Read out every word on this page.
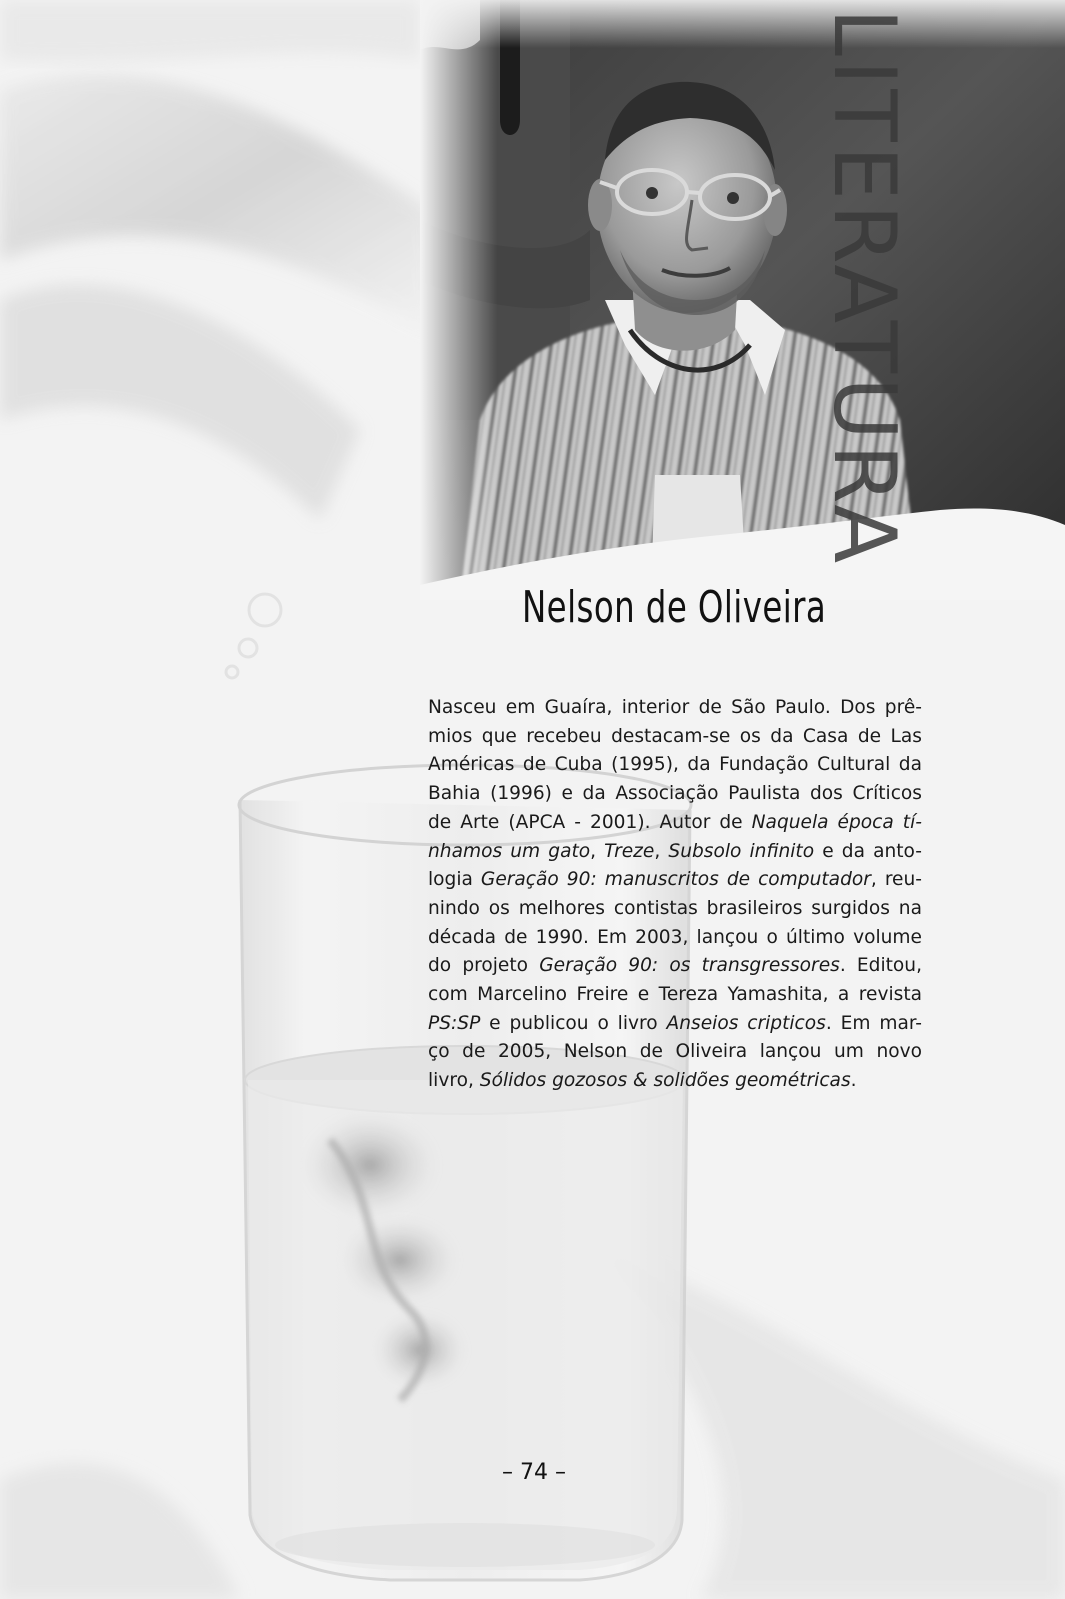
LITERATURA
Nelson de Oliveira
Nasceu em Guaíra, interior de São Paulo. Dos prê-
mios que recebeu destacam-se os da Casa de Las
Américas de Cuba (1995), da Fundação Cultural da
Bahia (1996) e da Associação Paulista dos Críticos
de Arte (APCA - 2001). Autor de Naquela época tí-
nhamos um gato, Treze, Subsolo infinito e da anto-
logia Geração 90: manuscritos de computador, reu-
nindo os melhores contistas brasileiros surgidos na
década de 1990. Em 2003, lançou o último volume
do projeto Geração 90: os transgressores. Editou,
com Marcelino Freire e Tereza Yamashita, a revista
PS:SP e publicou o livro Anseios cripticos. Em mar-
ço de 2005, Nelson de Oliveira lançou um novo
livro, Sólidos gozosos & solidões geométricas.
– 74 –
